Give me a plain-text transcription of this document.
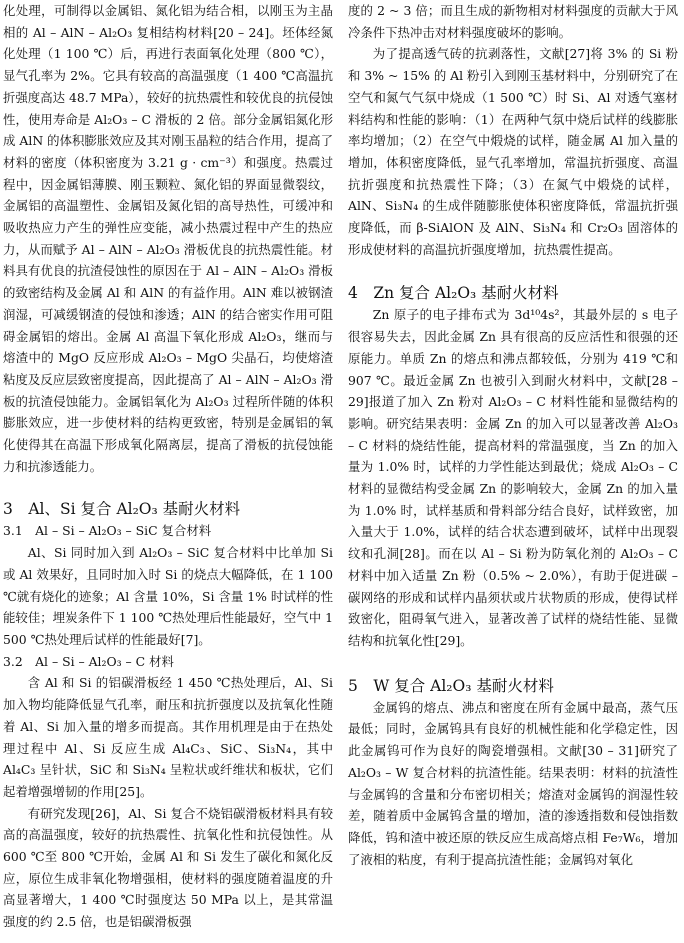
化处理，可制得以金属铝、氮化铝为结合相，以刚玉为主晶相的 Al – AlN – Al₂O₃ 复相结构材料[20 – 24]。坯体经氮化处理（1 100 ℃）后，再进行表面氧化处理（800 ℃），显气孔率为 2%。它具有较高的高温强度（1 400 ℃高温抗折强度高达 48.7 MPa），较好的抗热震性和较优良的抗侵蚀性，使用寿命是 Al₂O₃ – C 滑板的 2 倍。部分金属铝氮化形成 AlN 的体积膨胀效应及其对刚玉晶粒的结合作用，提高了材料的密度（体积密度为 3.21 g · cm⁻³）和强度。热震过程中，因金属铝薄膜、刚玉颗粒、氮化铝的界面显微裂纹，金属铝的高温塑性、金属铝及氮化铝的高导热性，可缓冲和吸收热应力产生的弹性应变能，减小热震过程中产生的热应力，从而赋予 Al – AlN – Al₂O₃ 滑板优良的抗热震性能。材料具有优良的抗渣侵蚀性的原因在于 Al – AlN – Al₂O₃ 滑板的致密结构及金属 Al 和 AlN 的有益作用。AlN 难以被钢渣润湿，可减缓钢渣的侵蚀和渗透；AlN 的结合密实作用可阻碍金属铝的熔出。金属 Al 高温下氧化形成 Al₂O₃，继而与熔渣中的 MgO 反应形成 Al₂O₃ – MgO 尖晶石，均使熔渣粘度及反应层致密度提高，因此提高了 Al – AlN – Al₂O₃ 滑板的抗渣侵蚀能力。金属铝氧化为 Al₂O₃ 过程所伴随的体积膨胀效应，进一步使材料的结构更致密，特别是金属铝的氧化使得其在高温下形成氧化隔离层，提高了滑板的抗侵蚀能力和抗渗透能力。

3　Al、Si 复合 Al₂O₃ 基耐火材料
3.1　Al – Si – Al₂O₃ – SiC 复合材料

Al、Si 同时加入到 Al₂O₃ – SiC 复合材料中比单加 Si 或 Al 效果好，且同时加入时 Si 的烧点大幅降低，在 1 100 ℃就有烧化的迹象；Al 含量 10%，Si 含量 1% 时试样的性能较佳；埋炭条件下 1 100 ℃热处理后性能最好，空气中 1 500 ℃热处理后试样的性能最好[7]。

3.2　Al – Si – Al₂O₃ – C 材料

含 Al 和 Si 的铝碳滑板经 1 450 ℃热处理后，Al、Si 加入物均能降低显气孔率，耐压和抗折强度以及抗氧化性随着 Al、Si 加入量的增多而提高。其作用机理是由于在热处理过程中 Al、Si 反应生成 Al₄C₃、SiC、Si₃N₄，其中 Al₄C₃ 呈针状，SiC 和 Si₃N₄ 呈粒状或纤维状和板状，它们起着增强增韧的作用[25]。

有研究发现[26]，Al、Si 复合不烧铝碳滑板材料具有较高的高温强度，较好的抗热震性、抗氧化性和抗侵蚀性。从 600 ℃至 800 ℃开始，金属 Al 和 Si 发生了碳化和氮化反应，原位生成非氧化物增强相，使材料的强度随着温度的升高显著增大，1 400 ℃时强度达 50 MPa 以上，是其常温强度的约 2.5 倍，也是铝碳滑板强

度的 2 ~ 3 倍；而且生成的新物相对材料强度的贡献大于风冷条件下热冲击对材料强度破坏的影响。

为了提高透气砖的抗剥落性，文献[27]将 3% 的 Si 粉和 3% ~ 15% 的 Al 粉引入到刚玉基材料中，分别研究了在空气和氮气气氛中烧成（1 500 ℃）时 Si、Al 对透气塞材料结构和性能的影响：（1）在两种气氛中烧后试样的线膨胀率均增加；（2）在空气中煅烧的试样，随金属 Al 加入量的增加，体积密度降低，显气孔率增加，常温抗折强度、高温抗折强度和抗热震性下降；（3）在氮气中煅烧的试样，AlN、Si₃N₄ 的生成伴随膨胀使体积密度降低，常温抗折强度降低，而 β-SiAlON 及 AlN、Si₃N₄ 和 Cr₂O₃ 固溶体的形成使材料的高温抗折强度增加，抗热震性提高。

4　Zn 复合 Al₂O₃ 基耐火材料

Zn 原子的电子排布式为 3d¹⁰4s²，其最外层的 s 电子很容易失去，因此金属 Zn 具有很高的反应活性和很强的还原能力。单质 Zn 的熔点和沸点都较低，分别为 419 ℃和 907 ℃。最近金属 Zn 也被引入到耐火材料中，文献[28 – 29]报道了加入 Zn 粉对 Al₂O₃ – C 材料性能和显微结构的影响。研究结果表明：金属 Zn 的加入可以显著改善 Al₂O₃ – C 材料的烧结性能，提高材料的常温强度，当 Zn 的加入量为 1.0% 时，试样的力学性能达到最优；烧成 Al₂O₃ – C 材料的显微结构受金属 Zn 的影响较大，金属 Zn 的加入量为 1.0% 时，试样基质和骨料部分结合良好，试样致密，加入量大于 1.0%，试样的结合状态遭到破坏，试样中出现裂纹和孔洞[28]。而在以 Al – Si 粉为防氧化剂的 Al₂O₃ – C 材料中加入适量 Zn 粉（0.5% ~ 2.0%），有助于促进碳 – 碳网络的形成和试样内晶须状或片状物质的形成，使得试样致密化，阻碍氧气进入，显著改善了试样的烧结性能、显微结构和抗氧化性[29]。

5　W 复合 Al₂O₃ 基耐火材料

金属钨的熔点、沸点和密度在所有金属中最高，蒸气压最低；同时，金属钨具有良好的机械性能和化学稳定性，因此金属钨可作为良好的陶瓷增强相。文献[30 – 31]研究了 Al₂O₃ – W 复合材料的抗渣性能。结果表明：材料的抗渣性与金属钨的含量和分布密切相关；熔渣对金属钨的润湿性较差，随着质中金属钨含量的增加，渣的渗透指数和侵蚀指数降低，钨和渣中被还原的铁反应生成高熔点相 Fe₇W₆，增加了液相的粘度，有利于提高抗渣性能；金属钨对氧化
